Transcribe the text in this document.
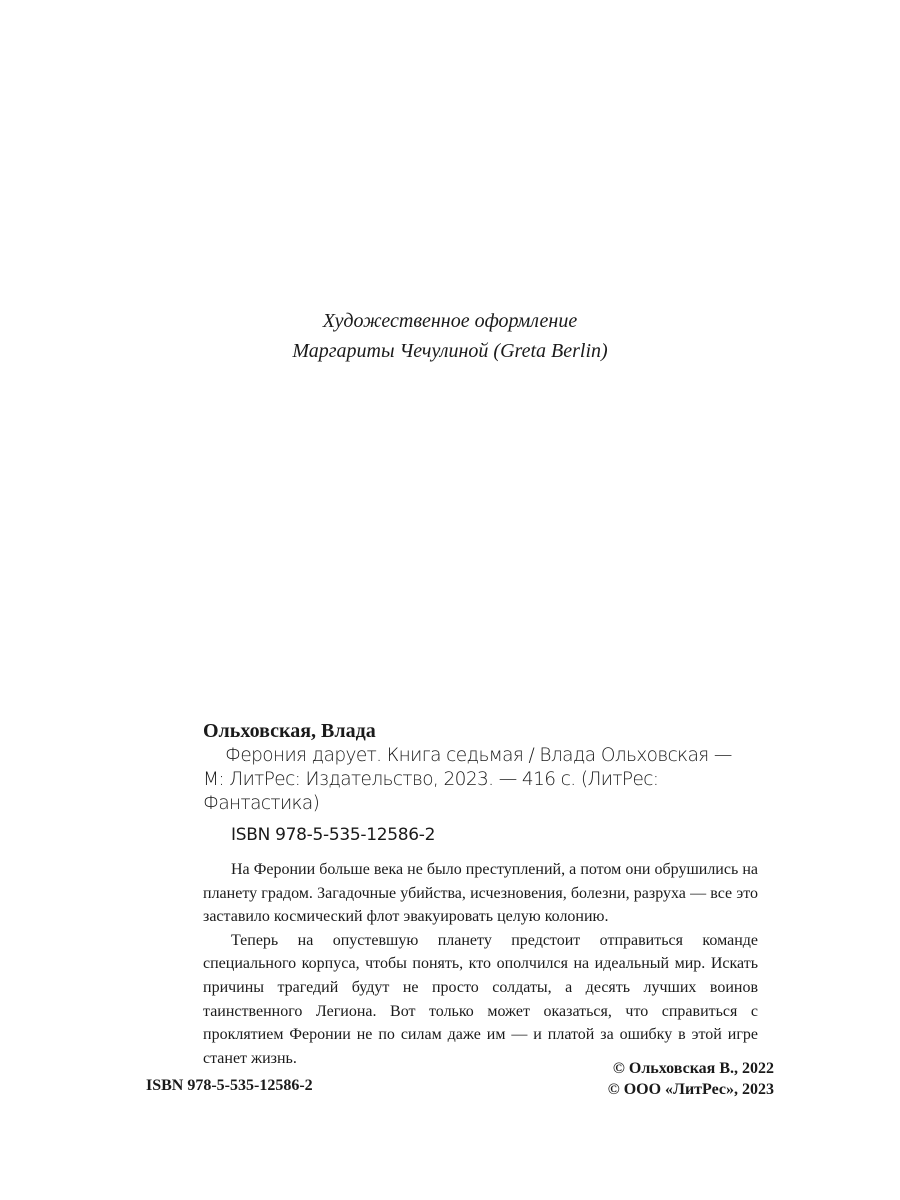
Художественное оформление
Маргариты Чечулиной (Greta Berlin)

Ольховская, Влада

Ферония дарует. Книга седьмая / Влада Ольховская — М: ЛитРес: Издательство, 2023. — 416 с. (ЛитРес: Фантастика)

ISBN 978-5-535-12586-2

На Феронии больше века не было преступлений, а потом они обрушились на планету градом. Загадочные убийства, исчезновения, болезни, разруха — все это заставило космический флот эвакуировать целую колонию.

Теперь на опустевшую планету предстоит отправиться команде специального корпуса, чтобы понять, кто ополчился на идеальный мир. Искать причины трагедий будут не просто солдаты, а десять лучших воинов таинственного Легиона. Вот только может оказаться, что справиться с проклятием Феронии не по силам даже им — и платой за ошибку в этой игре станет жизнь.

ISBN 978-5-535-12586-2
© Ольховская В., 2022
© ООО «ЛитРес», 2023
